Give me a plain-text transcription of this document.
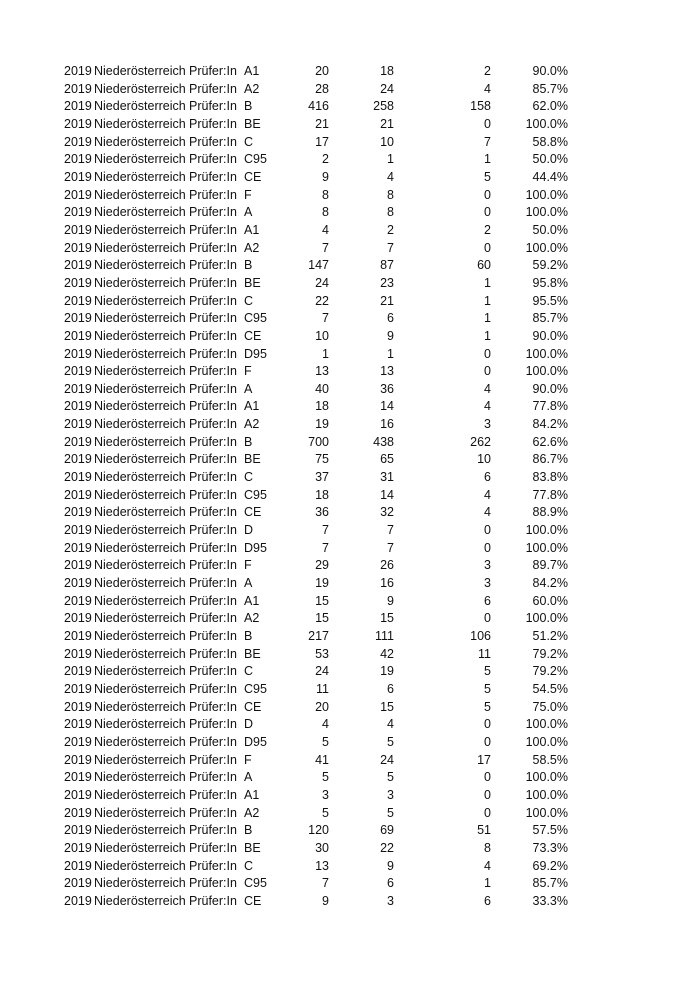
2019 Niederösterreich Prüfer:In A1	20	18	2	90.0%
2019 Niederösterreich Prüfer:In A2	28	24	4	85.7%
2019 Niederösterreich Prüfer:In B	416	258	158	62.0%
2019 Niederösterreich Prüfer:In BE	21	21	0	100.0%
2019 Niederösterreich Prüfer:In C	17	10	7	58.8%
2019 Niederösterreich Prüfer:In C95	2	1	1	50.0%
2019 Niederösterreich Prüfer:In CE	9	4	5	44.4%
2019 Niederösterreich Prüfer:In F	8	8	0	100.0%
2019 Niederösterreich Prüfer:In A	8	8	0	100.0%
2019 Niederösterreich Prüfer:In A1	4	2	2	50.0%
2019 Niederösterreich Prüfer:In A2	7	7	0	100.0%
2019 Niederösterreich Prüfer:In B	147	87	60	59.2%
2019 Niederösterreich Prüfer:In BE	24	23	1	95.8%
2019 Niederösterreich Prüfer:In C	22	21	1	95.5%
2019 Niederösterreich Prüfer:In C95	7	6	1	85.7%
2019 Niederösterreich Prüfer:In CE	10	9	1	90.0%
2019 Niederösterreich Prüfer:In D95	1	1	0	100.0%
2019 Niederösterreich Prüfer:In F	13	13	0	100.0%
2019 Niederösterreich Prüfer:In A	40	36	4	90.0%
2019 Niederösterreich Prüfer:In A1	18	14	4	77.8%
2019 Niederösterreich Prüfer:In A2	19	16	3	84.2%
2019 Niederösterreich Prüfer:In B	700	438	262	62.6%
2019 Niederösterreich Prüfer:In BE	75	65	10	86.7%
2019 Niederösterreich Prüfer:In C	37	31	6	83.8%
2019 Niederösterreich Prüfer:In C95	18	14	4	77.8%
2019 Niederösterreich Prüfer:In CE	36	32	4	88.9%
2019 Niederösterreich Prüfer:In D	7	7	0	100.0%
2019 Niederösterreich Prüfer:In D95	7	7	0	100.0%
2019 Niederösterreich Prüfer:In F	29	26	3	89.7%
2019 Niederösterreich Prüfer:In A	19	16	3	84.2%
2019 Niederösterreich Prüfer:In A1	15	9	6	60.0%
2019 Niederösterreich Prüfer:In A2	15	15	0	100.0%
2019 Niederösterreich Prüfer:In B	217	111	106	51.2%
2019 Niederösterreich Prüfer:In BE	53	42	11	79.2%
2019 Niederösterreich Prüfer:In C	24	19	5	79.2%
2019 Niederösterreich Prüfer:In C95	11	6	5	54.5%
2019 Niederösterreich Prüfer:In CE	20	15	5	75.0%
2019 Niederösterreich Prüfer:In D	4	4	0	100.0%
2019 Niederösterreich Prüfer:In D95	5	5	0	100.0%
2019 Niederösterreich Prüfer:In F	41	24	17	58.5%
2019 Niederösterreich Prüfer:In A	5	5	0	100.0%
2019 Niederösterreich Prüfer:In A1	3	3	0	100.0%
2019 Niederösterreich Prüfer:In A2	5	5	0	100.0%
2019 Niederösterreich Prüfer:In B	120	69	51	57.5%
2019 Niederösterreich Prüfer:In BE	30	22	8	73.3%
2019 Niederösterreich Prüfer:In C	13	9	4	69.2%
2019 Niederösterreich Prüfer:In C95	7	6	1	85.7%
2019 Niederösterreich Prüfer:In CE	9	3	6	33.3%
